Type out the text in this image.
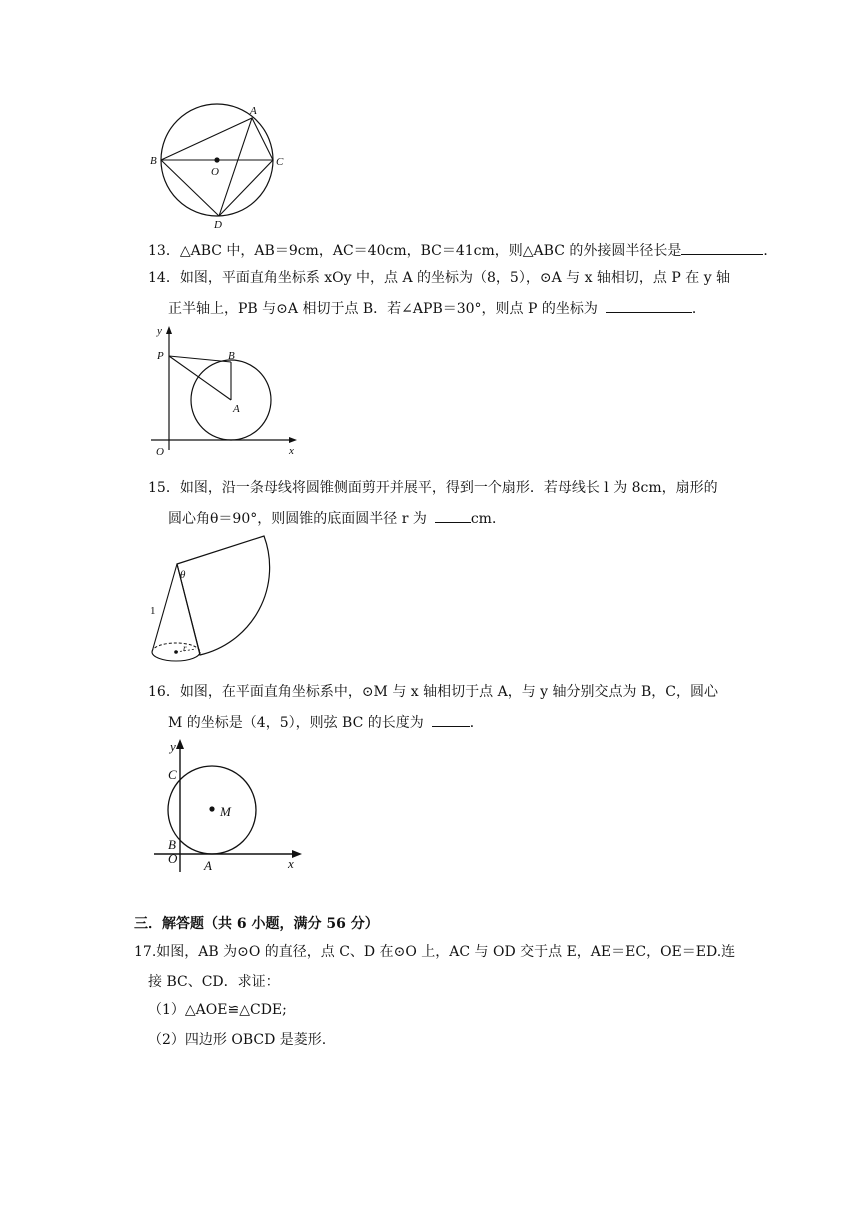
A
B	C
D
O
13．△ABC 中，AB＝9cm，AC＝40cm，BC＝41cm，则△ABC 的外接圆半径长是	．
14．如图，平面直角坐标系 xOy 中，点 A 的坐标为（8，5），⊙A 与 x 轴相切，点 P 在 y 轴
正半轴上，PB 与⊙A 相切于点 B．若∠APB＝30°，则点 P 的坐标为	．
y
P	B
A
O	x
15．如图，沿一条母线将圆锥侧面剪开并展平，得到一个扇形．若母线长 l 为 8cm，扇形的
圆心角θ＝90°，则圆锥的底面圆半径 r 为	cm．
θ
1
r
16．如图，在平面直角坐标系中，⊙M 与 x 轴相切于点 A，与 y 轴分别交点为 B，C，圆心
M 的坐标是（4，5），则弦 BC 的长度为	．
y
C
M
B
O A	x
三．解答题（共 6 小题，满分 56 分）
17.如图，AB 为⊙O 的直径，点 C、D 在⊙O 上，AC 与 OD 交于点 E，AE＝EC，OE＝ED.连
接 BC、CD．求证：
（1）△AOE≌△CDE;
（2）四边形 OBCD 是菱形.
